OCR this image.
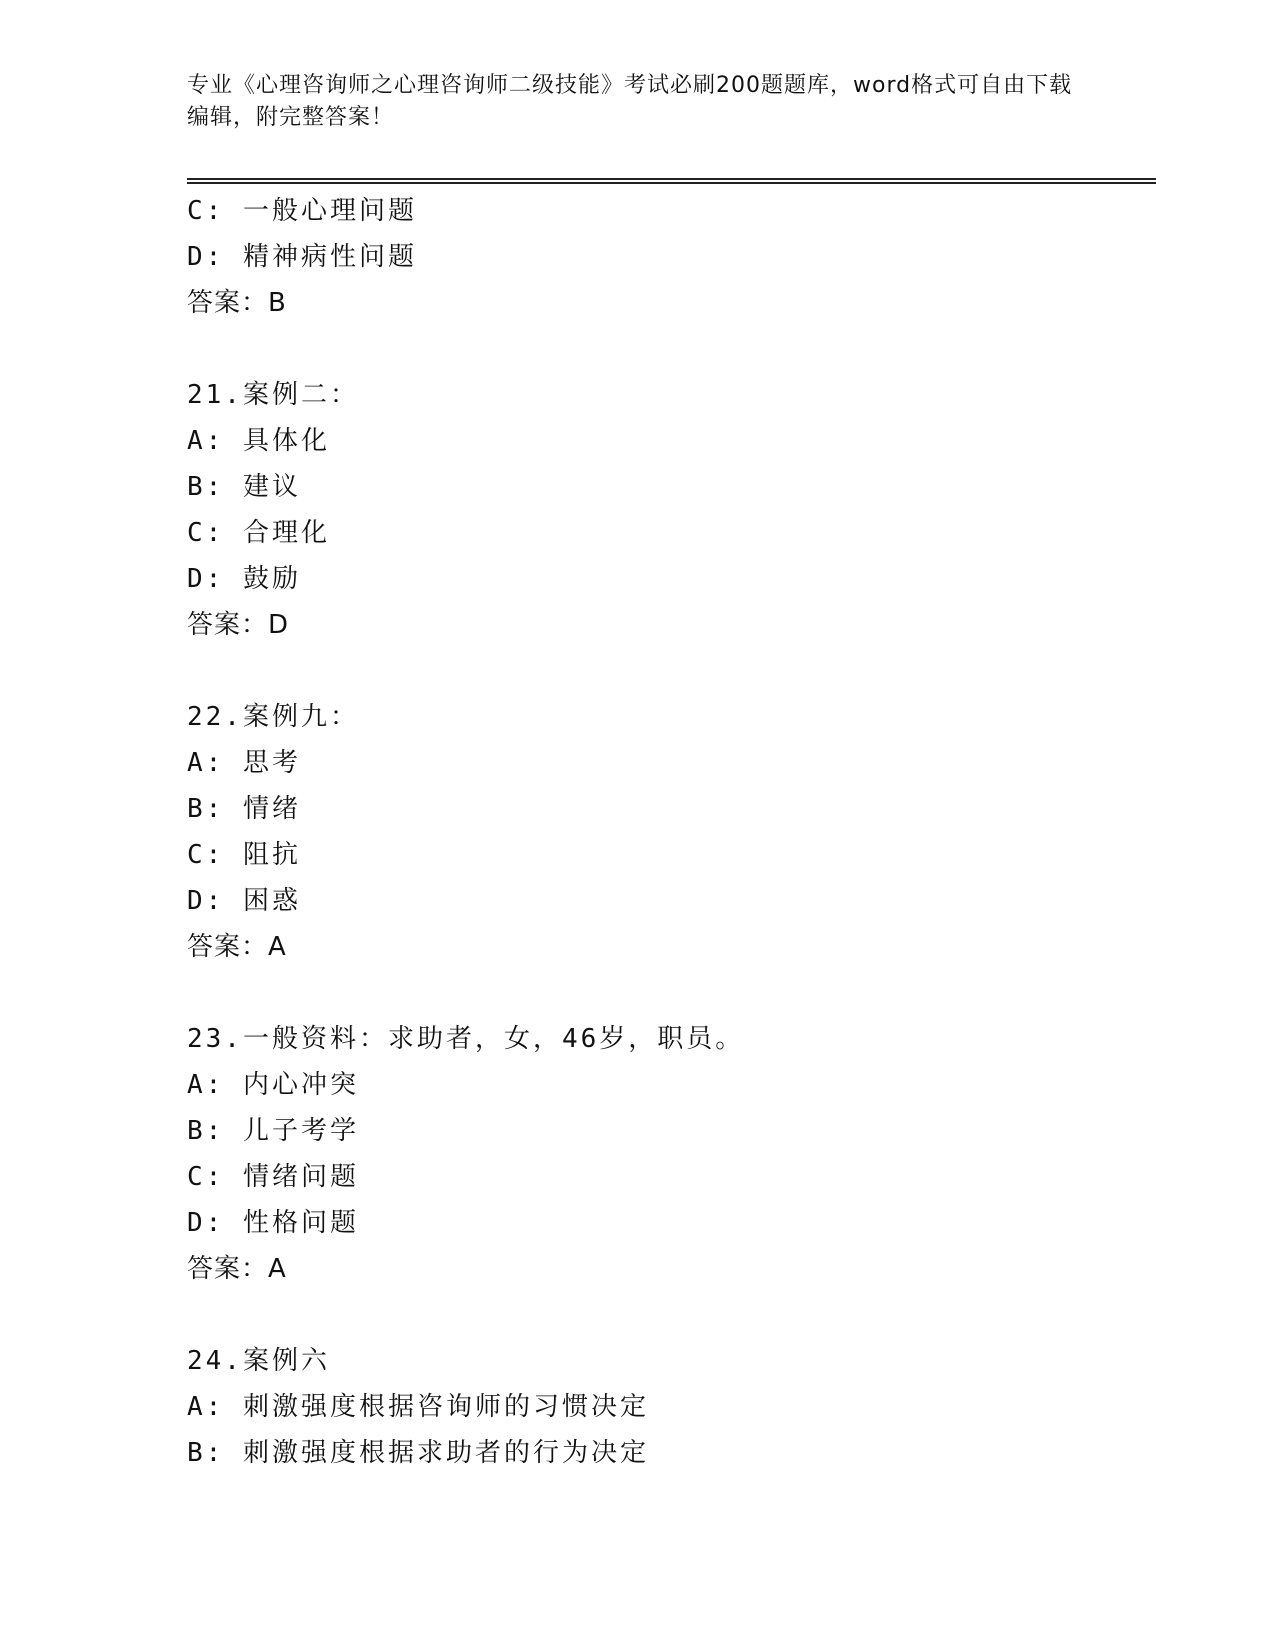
专业《心理咨询师之心理咨询师二级技能》考试必刷200题题库，word格式可自由下载编辑，附完整答案！
C: 一般心理问题
D: 精神病性问题
答案：B
21.案例二：
A: 具体化
B: 建议
C: 合理化
D: 鼓励
答案：D
22.案例九：
A: 思考
B: 情绪
C: 阻抗
D: 困惑
答案：A
23.一般资料：求助者，女，46岁，职员。
A: 内心冲突
B: 儿子考学
C: 情绪问题
D: 性格问题
答案：A
24.案例六
A: 刺激强度根据咨询师的习惯决定
B: 刺激强度根据求助者的行为决定
